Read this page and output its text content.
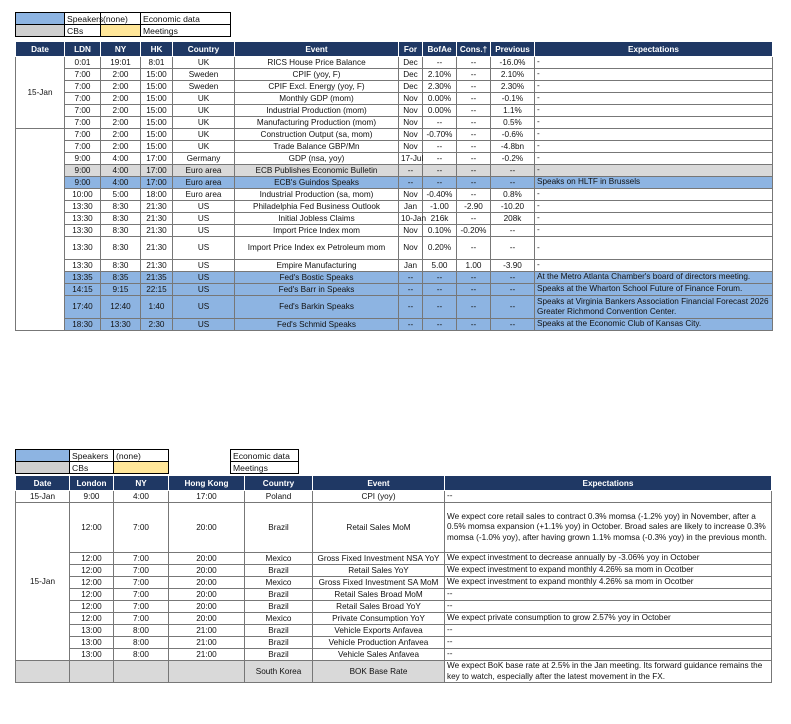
	Speakers	(none)	Economic data
	CBs		Meetings
Date	LDN	NY	HK	Country	Event	For	BofAe	Cons.†	Previous	Expectations
15-Jan	0:01	19:01	8:01	UK	RICS House Price Balance	Dec	--	--	-16.0%	-
	7:00	2:00	15:00	Sweden	CPIF (yoy, F)	Dec	2.10%	--	2.10%	-
	7:00	2:00	15:00	Sweden	CPIF Excl. Energy (yoy, F)	Dec	2.30%	--	2.30%	-
	7:00	2:00	15:00	UK	Monthly GDP (mom)	Nov	0.00%	--	-0.1%	-
	7:00	2:00	15:00	UK	Industrial Production (mom)	Nov	0.00%	--	1.1%	-
	7:00	2:00	15:00	UK	Manufacturing Production (mom)	Nov	--	--	0.5%	-
	7:00	2:00	15:00	UK	Construction Output (sa, mom)	Nov	-0.70%	--	-0.6%	-
	7:00	2:00	15:00	UK	Trade Balance GBP/Mn	Nov	--	--	-4.8bn	-
	9:00	4:00	17:00	Germany	GDP (nsa, yoy)	17-Jul	--	--	-0.2%	-
	9:00	4:00	17:00	Euro area	ECB Publishes Economic Bulletin	--	--	--	--	-
	9:00	4:00	17:00	Euro area	ECB's Guindos Speaks	--	--	--	--	Speaks on HLTF in Brussels
	10:00	5:00	18:00	Euro area	Industrial Production (sa, mom)	Nov	-0.40%	--	0.8%	-
	13:30	8:30	21:30	US	Philadelphia Fed Business Outlook	Jan	-1.00	-2.90	-10.20	-
	13:30	8:30	21:30	US	Initial Jobless Claims	10-Jan	216k	--	208k	-
	13:30	8:30	21:30	US	Import Price Index mom	Nov	0.10%	-0.20%	--	-
	13:30	8:30	21:30	US	Import Price Index ex Petroleum mom	Nov	0.20%	--	--	-
	13:30	8:30	21:30	US	Empire Manufacturing	Jan	5.00	1.00	-3.90	-
	13:35	8:35	21:35	US	Fed's Bostic Speaks	--	--	--	--	At the Metro Atlanta Chamber's board of directors meeting.
	14:15	9:15	22:15	US	Fed's Barr in Speaks	--	--	--	--	Speaks at the Wharton School Future of Finance Forum.
	17:40	12:40	1:40	US	Fed's Barkin Speaks	--	--	--	--	Speaks at Virginia Bankers Association Financial Forecast 2026 Greater Richmond Convention Center.
	18:30	13:30	2:30	US	Fed's Schmid Speaks	--	--	--	--	Speaks at the Economic Club of Kansas City.
	Speakers	(none)		Economic data
	CBs			Meetings
Date	London	NY	Hong Kong	Country	Event	Expectations
15-Jan	9:00	4:00	17:00	Poland	CPI (yoy)	--
15-Jan	12:00	7:00	20:00	Brazil	Retail Sales MoM	We expect core retail sales to contract 0.3% momsa (-1.2% yoy) in November, after a 0.5% momsa expansion (+1.1% yoy) in October. Broad sales are likely to increase 0.3% momsa (-1.0% yoy), after having grown 1.1% momsa (-0.3% yoy) in the previous month.
	12:00	7:00	20:00	Mexico	Gross Fixed Investment NSA YoY	We expect investment to decrease annually by -3.06% yoy in October
	12:00	7:00	20:00	Brazil	Retail Sales YoY	We expect investment to expand monthly 4.26% sa mom in Ocotber
	12:00	7:00	20:00	Mexico	Gross Fixed Investment SA MoM	We expect investment to expand monthly 4.26% sa mom in Ocotber
	12:00	7:00	20:00	Brazil	Retail Sales Broad MoM	--
	12:00	7:00	20:00	Brazil	Retail Sales Broad YoY	--
	12:00	7:00	20:00	Mexico	Private Consumption YoY	We expect private consumption to grow 2.57% yoy in October
	13:00	8:00	21:00	Brazil	Vehicle Exports Anfavea	--
	13:00	8:00	21:00	Brazil	Vehicle Production Anfavea	--
	13:00	8:00	21:00	Brazil	Vehicle Sales Anfavea	--
				South Korea	BOK Base Rate	We expect BoK base rate at 2.5% in the Jan meeting. Its forward guidance remains the key to watch, especially after the latest movement in the FX.
